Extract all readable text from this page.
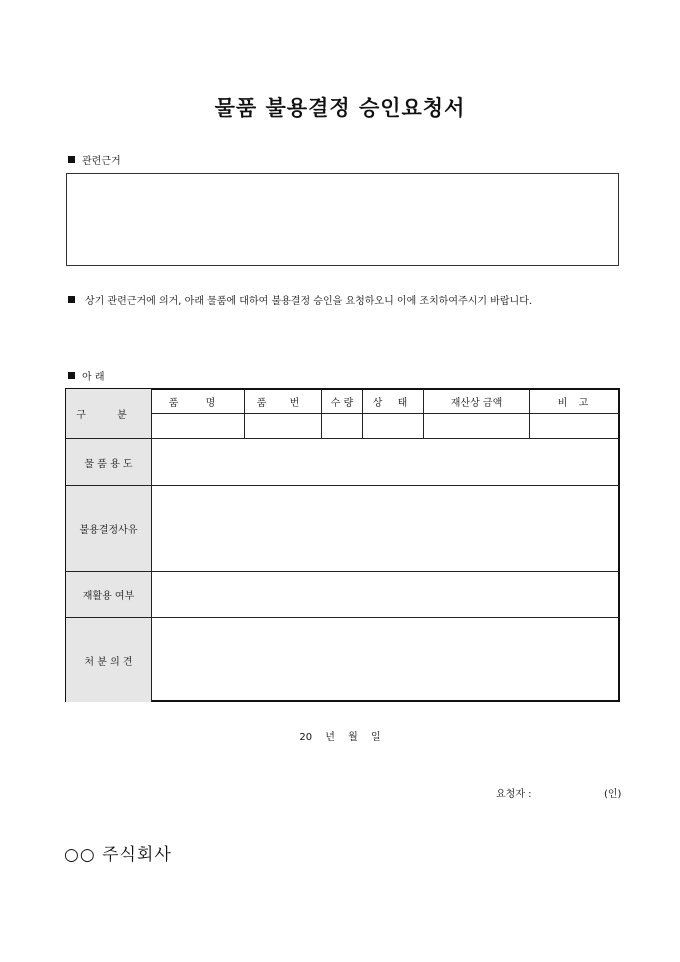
물품 불용결정 승인요청서
관련근거
상기 관련근거에 의거, 아래 물품에 대하여 불용결정 승인을 요청하오니 이에 조치하여주시기 바랍니다.
아 래
구 분
품 명	품 번	수 량	상 태	재산상 금액	비 고
물 품 용 도
불용결정사유
재활용 여부
처 분 의 견
20 년 월 일
요청자 :	(인)
○○ 주식회사
